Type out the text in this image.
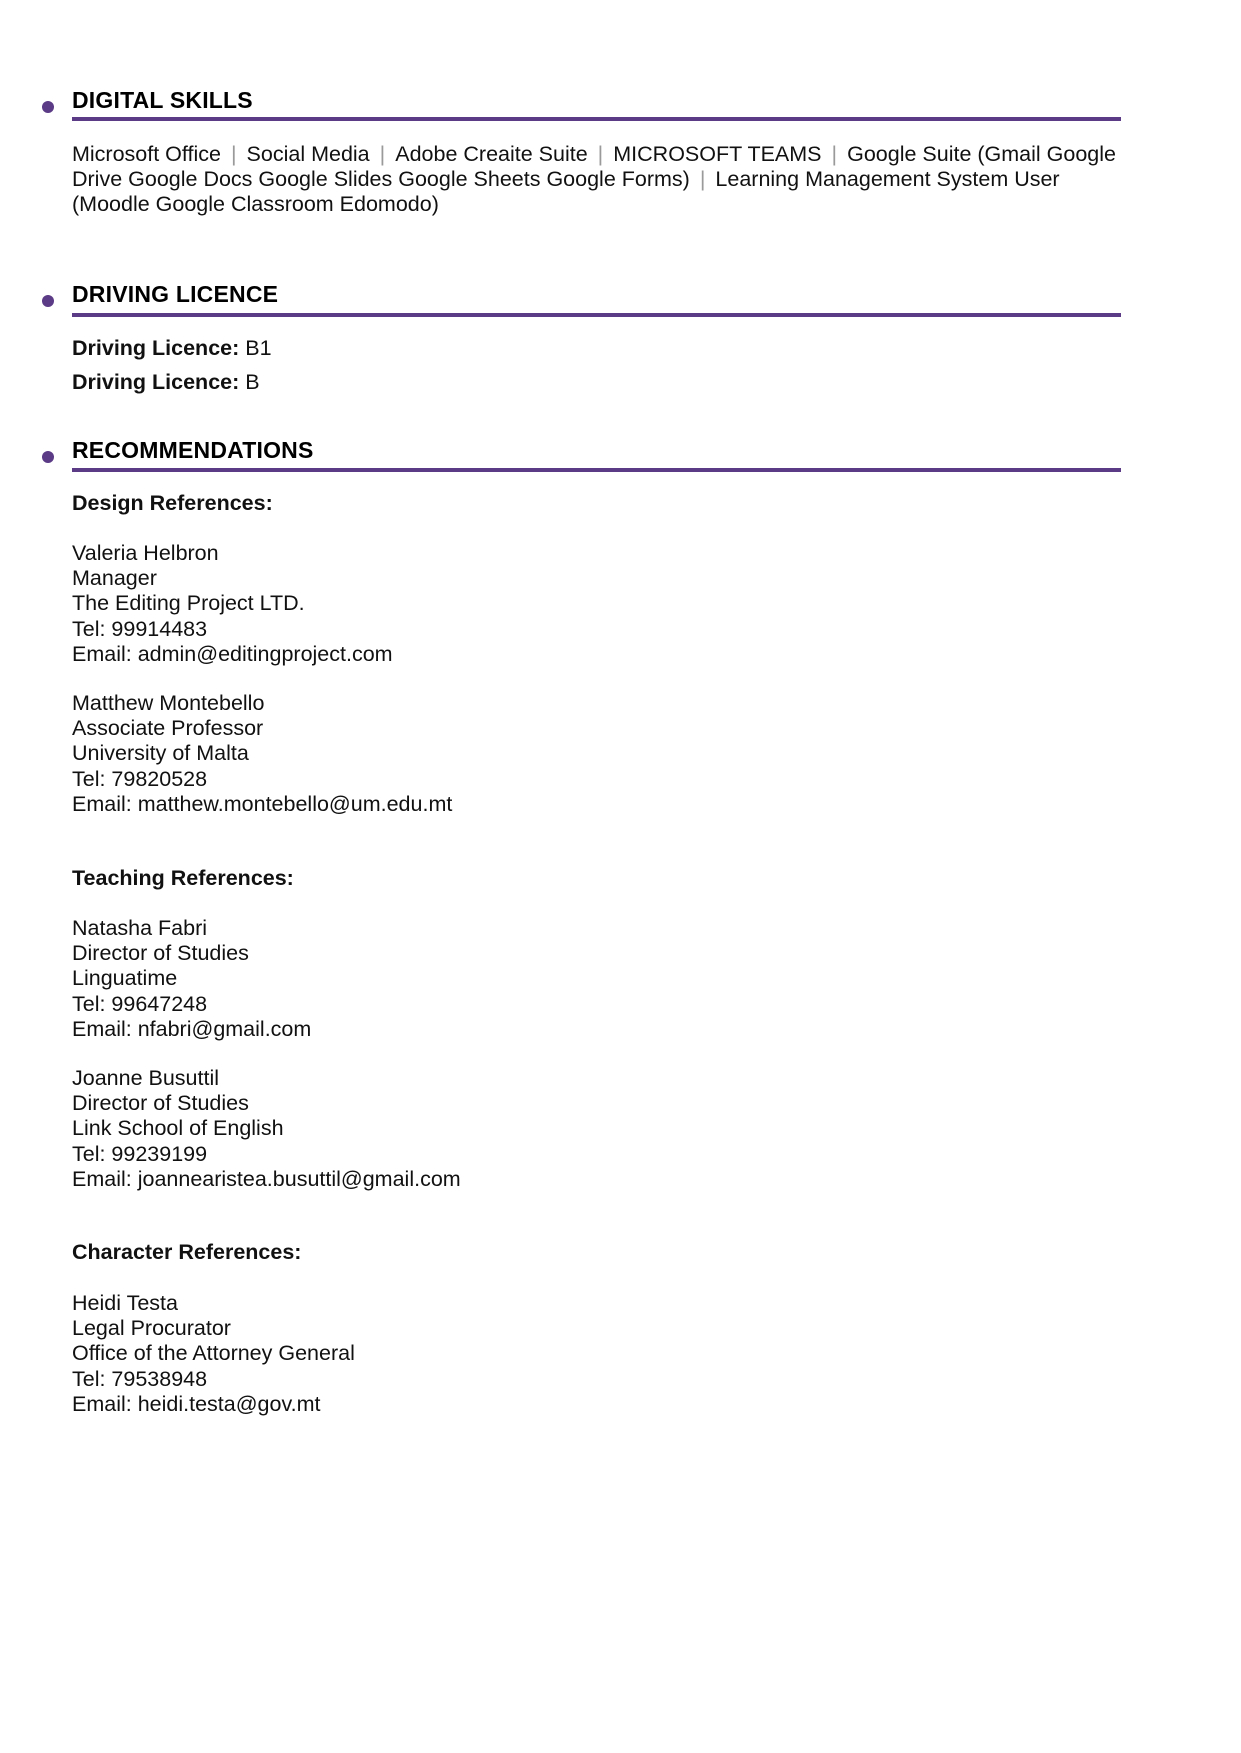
DIGITAL SKILLS
Microsoft Office | Social Media | Adobe Creaite Suite | MICROSOFT TEAMS | Google Suite (Gmail Google Drive Google Docs Google Slides Google Sheets Google Forms) | Learning Management System User (Moodle Google Classroom Edomodo)
DRIVING LICENCE
Driving Licence: B1
Driving Licence: B
RECOMMENDATIONS
Design References:
Valeria Helbron
Manager
The Editing Project LTD.
Tel: 99914483
Email: admin@editingproject.com
Matthew Montebello
Associate Professor
University of Malta
Tel: 79820528
Email: matthew.montebello@um.edu.mt
Teaching References:
Natasha Fabri
Director of Studies
Linguatime
Tel: 99647248
Email: nfabri@gmail.com
Joanne Busuttil
Director of Studies
Link School of English
Tel: 99239199
Email: joannearistea.busuttil@gmail.com
Character References:
Heidi Testa
Legal Procurator
Office of the Attorney General
Tel: 79538948
Email: heidi.testa@gov.mt
